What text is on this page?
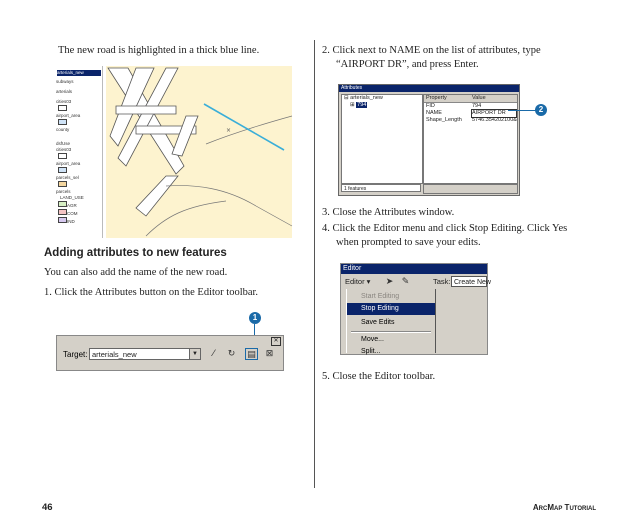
The new road is highlighted in a thick blue line.
arterials_new
subways
arterials
cities03
airport_area
county
dsfUse
cities03
airport_area
parcels_sel
parcels
LAND_USE
AGR
COM
IND
×
Adding attributes to new features
You can also add the name of the new road.
1. Click the Attributes button on the Editor toolbar.
1
✕
Target: arterials_new	▼	⁄	↻	▤	⊠
2. Click next to NAME on the list of attributes, type
“AIRPORT DR”, and press Enter.
Attributes
⊟ arterials_new
⊞ 794
Property	Value
FID	794
NAME	AIRPORT DR
Shape_Length 5746.354202100&
1 features
2
3. Close the Attributes window.
4. Click the Editor menu and click Stop Editing. Click Yes
when prompted to save your edits.
Editor
Editor ▾	➤ ✎	Task: Create New
Start Editing
Stop Editing
Save Edits
Move...
Split...
5. Close the Editor toolbar.
46	ArcMap Tutorial
